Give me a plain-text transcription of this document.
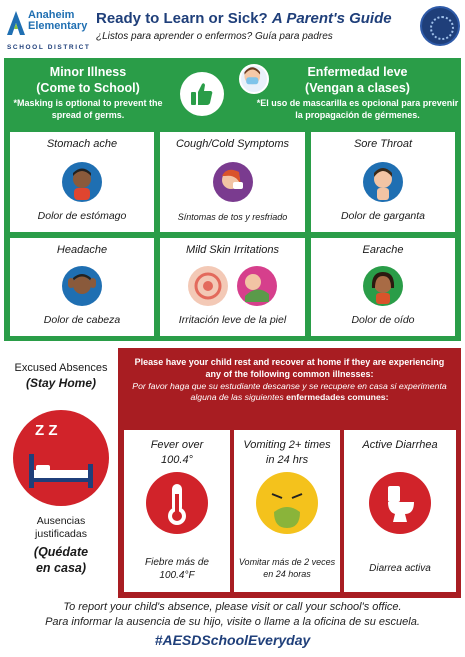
Anaheim
Elementary
SCHOOL DISTRICT
Ready to Learn or Sick? A Parent's Guide
¿Listos para aprender o enfermos? Guía para padres
Minor Illness
(Come to School)
*Masking is optional to prevent the spread of germs.
Enfermedad leve
(Vengan a clases)
*El uso de mascarilla es opcional para prevenir la propagación de gérmenes.
Stomach ache
Dolor de estómago
Cough/Cold Symptoms
Síntomas de tos y resfriado
Sore Throat
Dolor de garganta
Headache
Dolor de cabeza
Mild Skin Irritations
Irritación leve de la piel
Earache
Dolor de oído
Excused Absences
(Stay Home)
Z Z
Ausencias
justificadas
(Quédate
en casa)
Please have your child rest and recover at home if they are experiencing any of the following common illnesses:
Por favor haga que su estudiante descanse y se recupere en casa si experimenta alguna de las siguientes enfermedades comunes:
Fever over 100.4°
Fiebre más de 100.4°F
Vomiting 2+ times in 24 hrs
Vomitar más de 2 veces en 24 horas
Active Diarrhea
Diarrea activa
To report your child's absence, please visit or call your school's office.
Para informar la ausencia de su hijo, visite o llame a la oficina de su escuela.
#AESDSchoolEveryday
